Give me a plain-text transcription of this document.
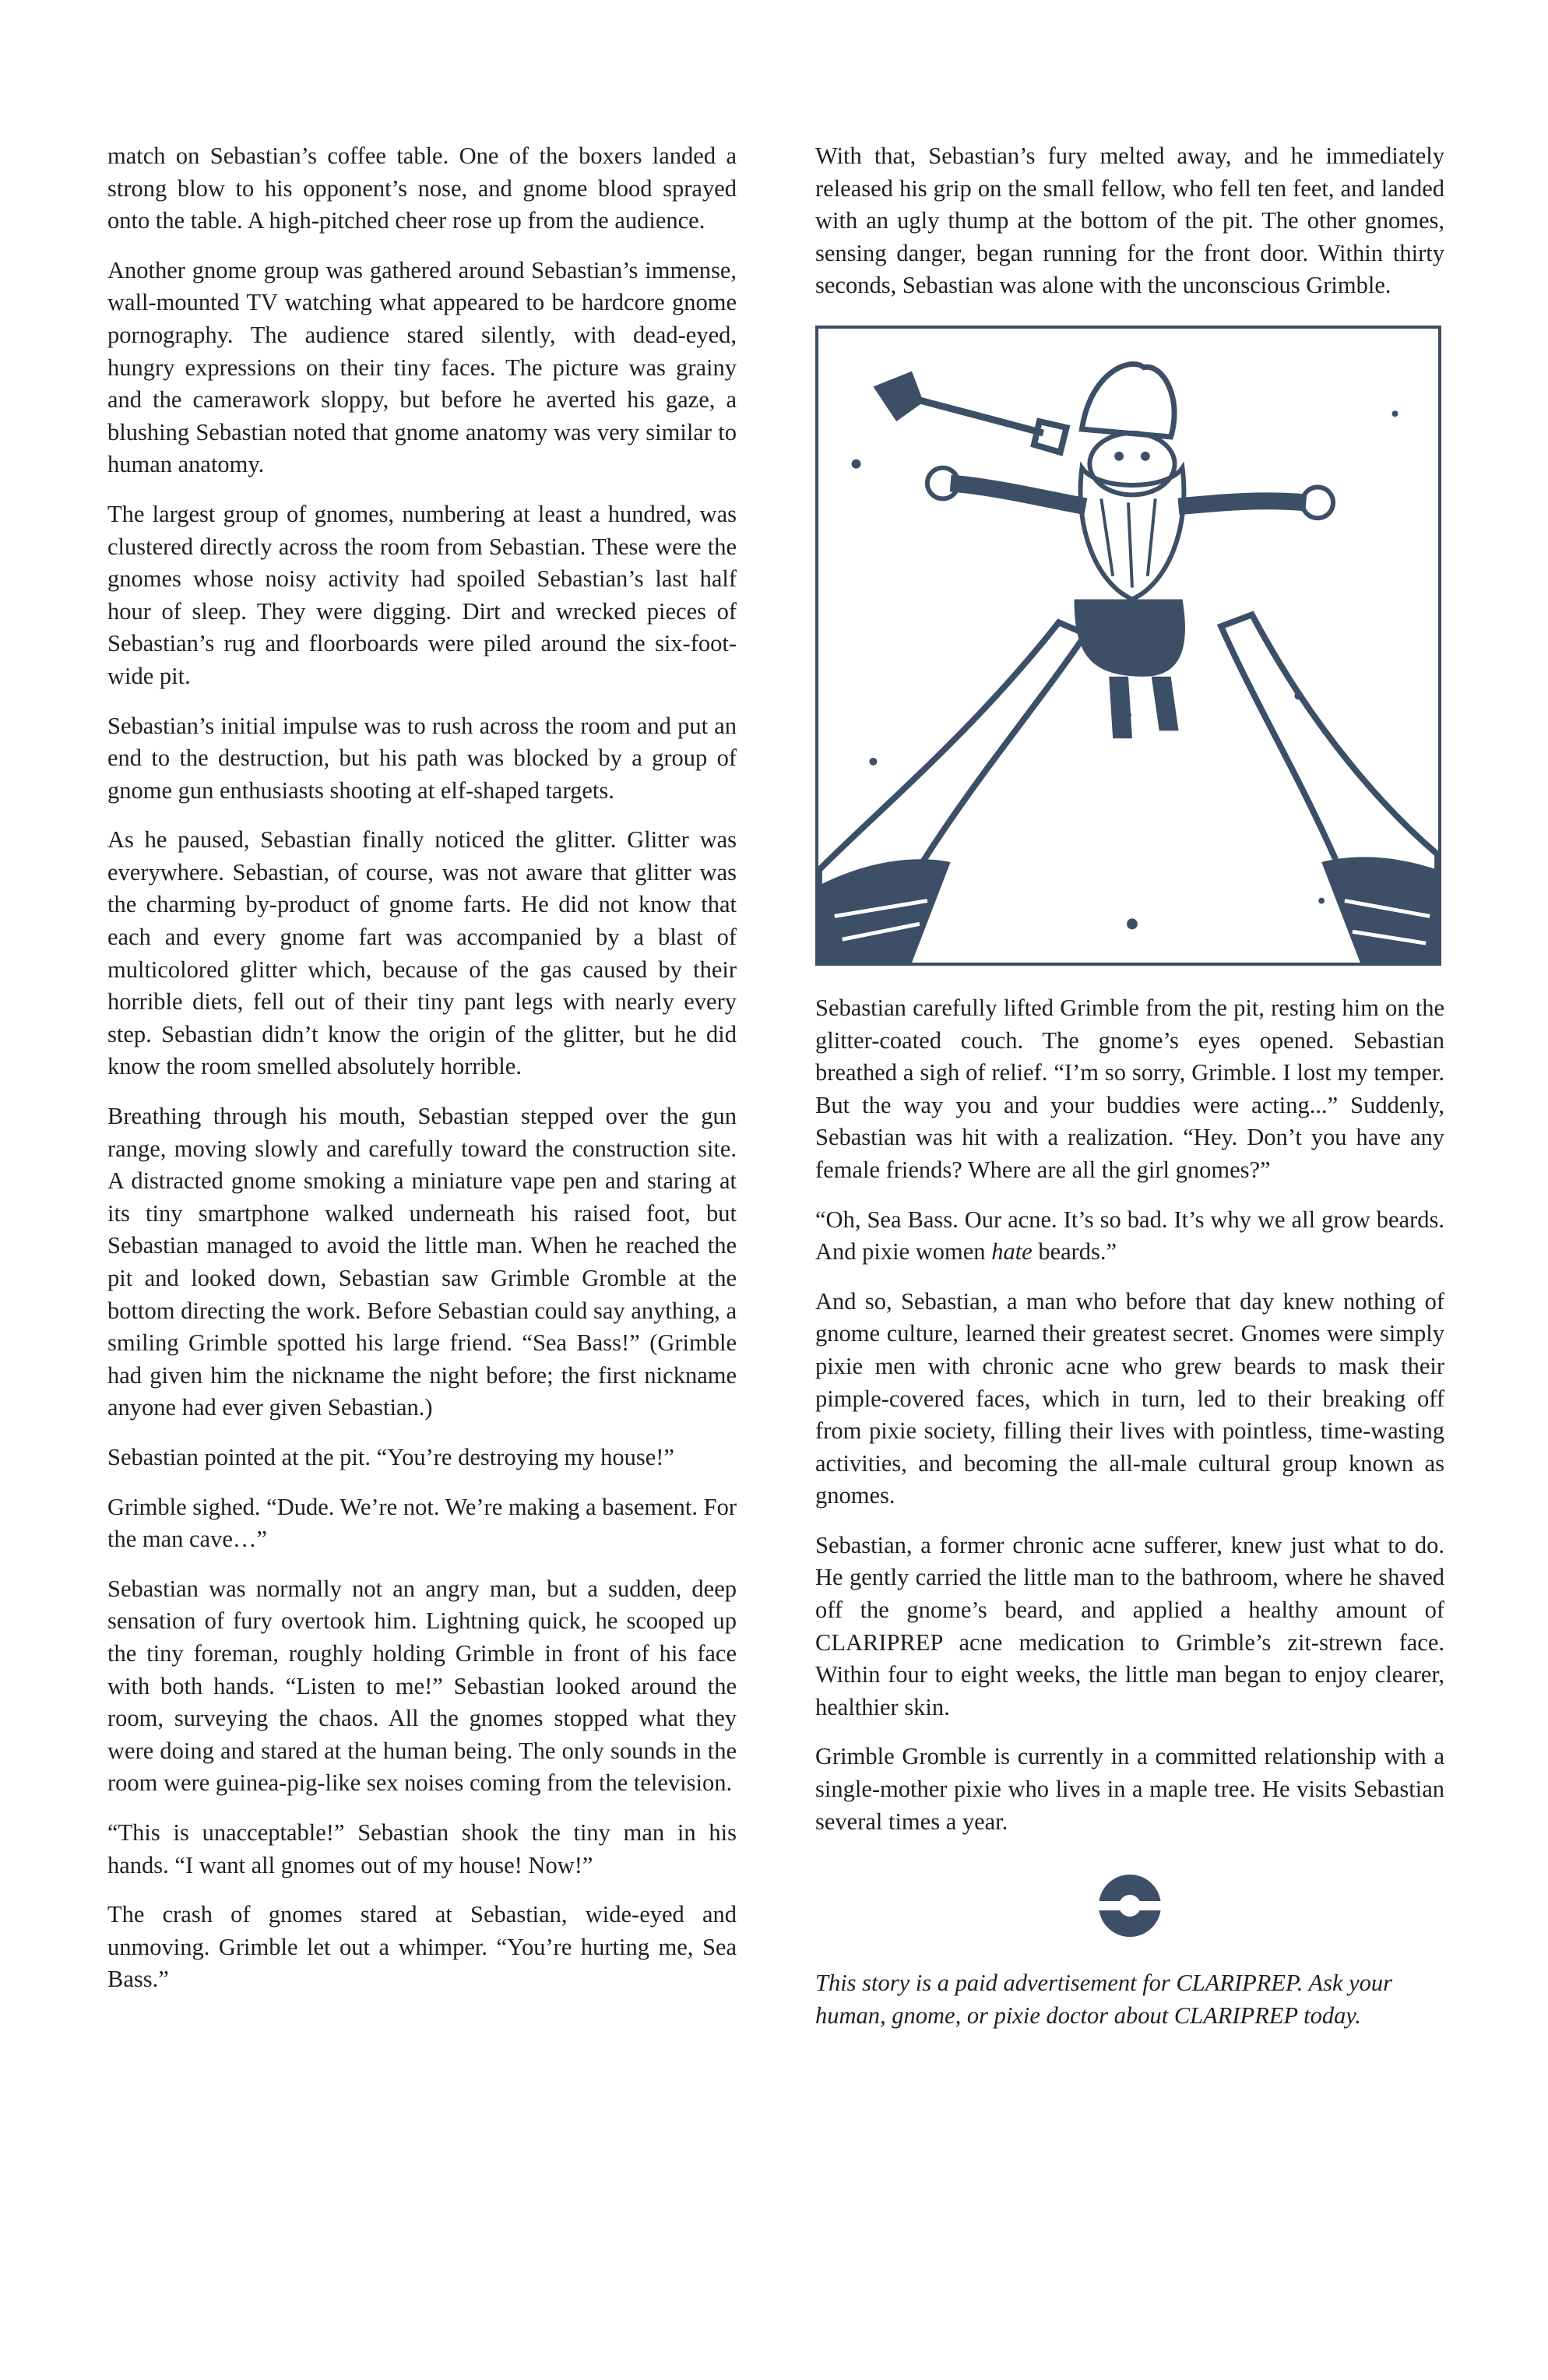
match on Sebastian’s coffee table. One of the boxers landed a strong blow to his opponent’s nose, and gnome blood sprayed onto the table. A high-pitched cheer rose up from the audience.

Another gnome group was gathered around Sebastian’s immense, wall-mounted TV watching what appeared to be hardcore gnome pornography. The audience stared silently, with dead-eyed, hungry expressions on their tiny faces. The picture was grainy and the camerawork sloppy, but before he averted his gaze, a blushing Sebastian noted that gnome anatomy was very similar to human anatomy.

The largest group of gnomes, numbering at least a hundred, was clustered directly across the room from Sebastian. These were the gnomes whose noisy activity had spoiled Sebastian’s last half hour of sleep. They were digging. Dirt and wrecked pieces of Sebastian’s rug and floorboards were piled around the six-foot-wide pit.

Sebastian’s initial impulse was to rush across the room and put an end to the destruction, but his path was blocked by a group of gnome gun enthusiasts shooting at elf-shaped targets.

As he paused, Sebastian finally noticed the glitter. Glitter was everywhere. Sebastian, of course, was not aware that glitter was the charming by-product of gnome farts. He did not know that each and every gnome fart was accompanied by a blast of multicolored glitter which, because of the gas caused by their horrible diets, fell out of their tiny pant legs with nearly every step. Sebastian didn’t know the origin of the glitter, but he did know the room smelled absolutely horrible.

Breathing through his mouth, Sebastian stepped over the gun range, moving slowly and carefully toward the construction site. A distracted gnome smoking a miniature vape pen and staring at its tiny smartphone walked underneath his raised foot, but Sebastian managed to avoid the little man. When he reached the pit and looked down, Sebastian saw Grimble Gromble at the bottom directing the work. Before Sebastian could say anything, a smiling Grimble spotted his large friend. “Sea Bass!” (Grimble had given him the nickname the night before; the first nickname anyone had ever given Sebastian.)

Sebastian pointed at the pit. “You’re destroying my house!”

Grimble sighed. “Dude. We’re not. We’re making a basement. For the man cave…”

Sebastian was normally not an angry man, but a sudden, deep sensation of fury overtook him. Lightning quick, he scooped up the tiny foreman, roughly holding Grimble in front of his face with both hands. “Listen to me!” Sebastian looked around the room, surveying the chaos. All the gnomes stopped what they were doing and stared at the human being. The only sounds in the room were guinea-pig-like sex noises coming from the television.

“This is unacceptable!” Sebastian shook the tiny man in his hands. “I want all gnomes out of my house! Now!”

The crash of gnomes stared at Sebastian, wide-eyed and unmoving. Grimble let out a whimper. “You’re hurting me, Sea Bass.”

With that, Sebastian’s fury melted away, and he immediately released his grip on the small fellow, who fell ten feet, and landed with an ugly thump at the bottom of the pit. The other gnomes, sensing danger, began running for the front door. Within thirty seconds, Sebastian was alone with the unconscious Grimble.

Sebastian carefully lifted Grimble from the pit, resting him on the glitter-coated couch. The gnome’s eyes opened. Sebastian breathed a sigh of relief. “I’m so sorry, Grimble. I lost my temper. But the way you and your buddies were acting...” Suddenly, Sebastian was hit with a realization. “Hey. Don’t you have any female friends? Where are all the girl gnomes?”

“Oh, Sea Bass. Our acne. It’s so bad. It’s why we all grow beards. And pixie women hate beards.”

And so, Sebastian, a man who before that day knew nothing of gnome culture, learned their greatest secret. Gnomes were simply pixie men with chronic acne who grew beards to mask their pimple-covered faces, which in turn, led to their breaking off from pixie society, filling their lives with pointless, time-wasting activities, and becoming the all-male cultural group known as gnomes.

Sebastian, a former chronic acne sufferer, knew just what to do. He gently carried the little man to the bathroom, where he shaved off the gnome’s beard, and applied a healthy amount of CLARIPREP acne medication to Grimble’s zit-strewn face. Within four to eight weeks, the little man began to enjoy clearer, healthier skin.

Grimble Gromble is currently in a committed relationship with a single-mother pixie who lives in a maple tree. He visits Sebastian several times a year.

This story is a paid advertisement for CLARIPREP. Ask your human, gnome, or pixie doctor about CLARIPREP today.
